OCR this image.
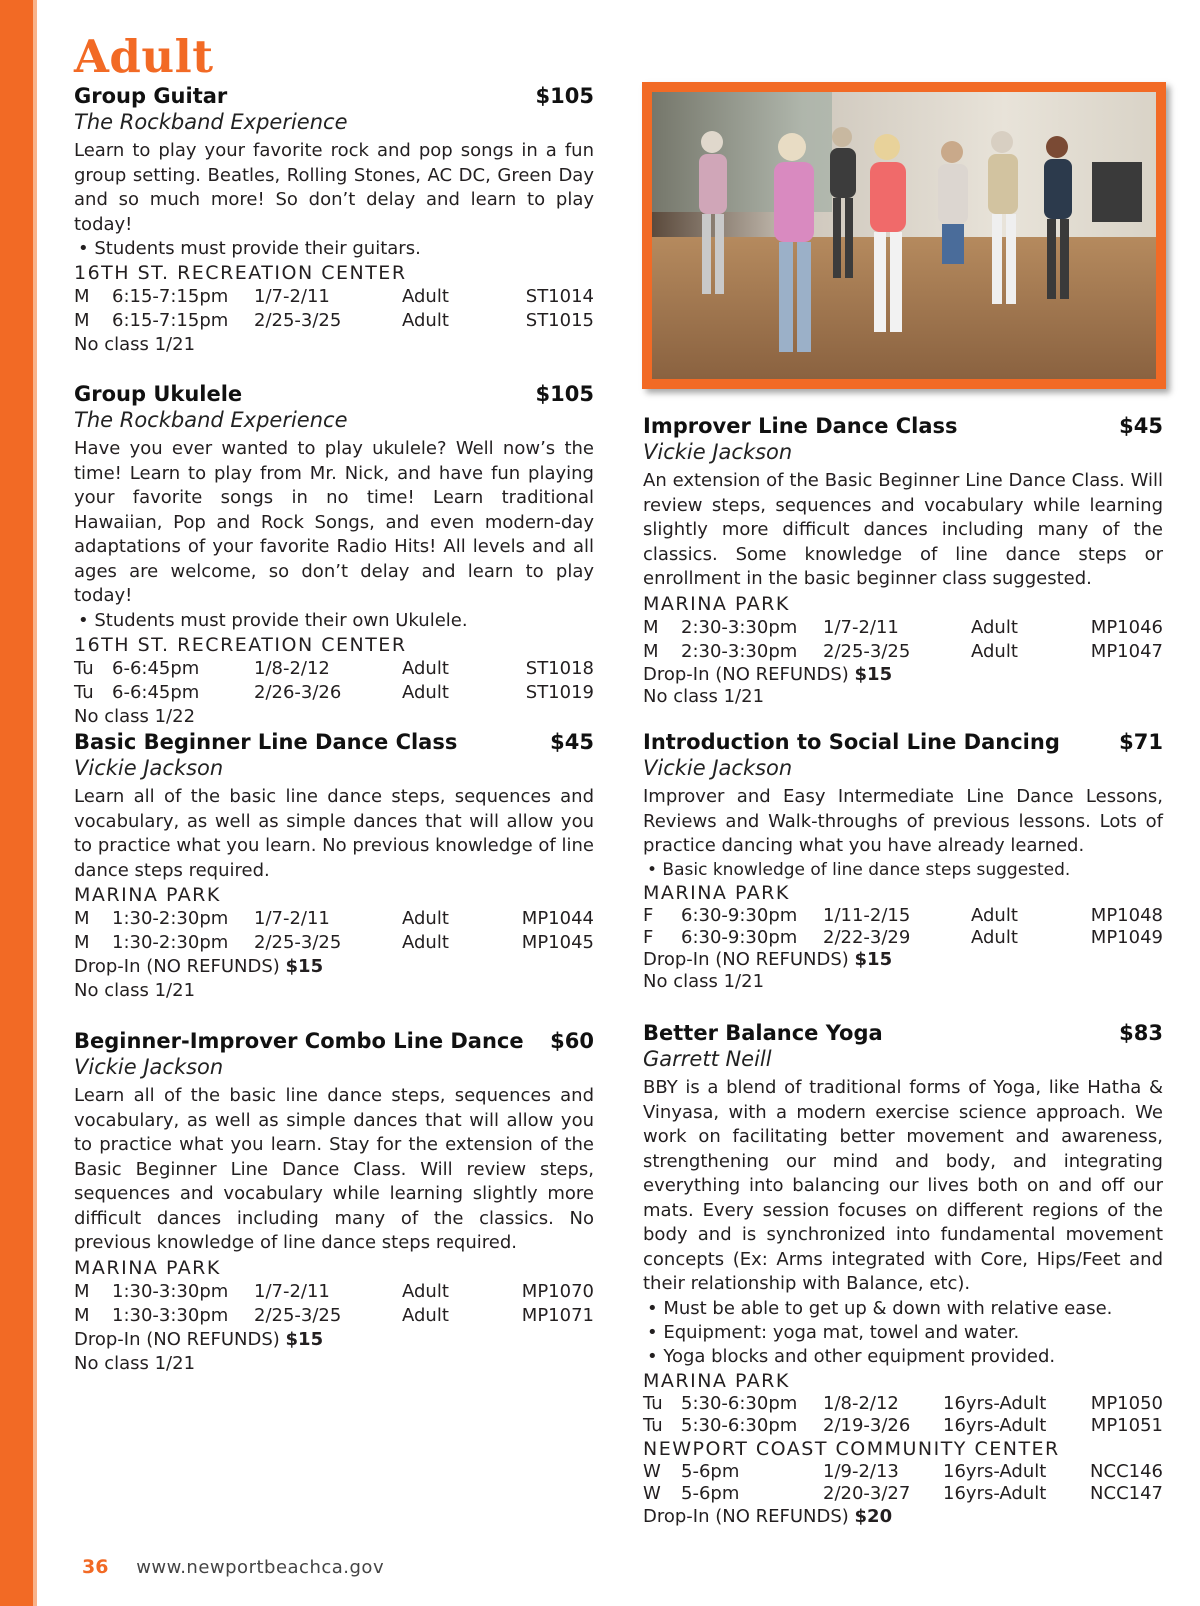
Adult
Group Guitar	$105
The Rockband Experience
Learn to play your favorite rock and pop songs in a fun group setting. Beatles, Rolling Stones, AC DC, Green Day and so much more! So don’t delay and learn to play today!
• Students must provide their guitars.
16TH ST. RECREATION CENTER
M 6:15-7:15pm 1/7-2/11	Adult	ST1014
M 6:15-7:15pm 2/25-3/25	Adult	ST1015
No class 1/21
Group Ukulele	$105
The Rockband Experience
Have you ever wanted to play ukulele? Well now’s the time! Learn to play from Mr. Nick, and have fun playing your favorite songs in no time! Learn traditional Hawaiian, Pop and Rock Songs, and even modern-day adaptations of your favorite Radio Hits! All levels and all ages are welcome, so don’t delay and learn to play today!
• Students must provide their own Ukulele.
16TH ST. RECREATION CENTER
Tu 6-6:45pm	1/8-2/12	Adult	ST1018
Tu 6-6:45pm	2/26-3/26	Adult	ST1019
No class 1/22
Basic Beginner Line Dance Class	$45
Vickie Jackson
Learn all of the basic line dance steps, sequences and vocabulary, as well as simple dances that will allow you to practice what you learn. No previous knowledge of line dance steps required.
MARINA PARK
M 1:30-2:30pm 1/7-2/11	Adult	MP1044
M 1:30-2:30pm 2/25-3/25	Adult	MP1045
Drop-In (NO REFUNDS) $15
No class 1/21
Beginner-Improver Combo Line Dance $60
Vickie Jackson
Learn all of the basic line dance steps, sequences and vocabulary, as well as simple dances that will allow you to practice what you learn. Stay for the extension of the Basic Beginner Line Dance Class. Will review steps, sequences and vocabulary while learning slightly more difficult dances including many of the classics. No previous knowledge of line dance steps required.
MARINA PARK
M 1:30-3:30pm 1/7-2/11	Adult	MP1070
M 1:30-3:30pm 2/25-3/25	Adult	MP1071
Drop-In (NO REFUNDS) $15
No class 1/21
Improver Line Dance Class	$45
Vickie Jackson
An extension of the Basic Beginner Line Dance Class. Will review steps, sequences and vocabulary while learning slightly more difficult dances including many of the classics. Some knowledge of line dance steps or enrollment in the basic beginner class suggested.
MARINA PARK
M 2:30-3:30pm 1/7-2/11	Adult	MP1046
M 2:30-3:30pm 2/25-3/25	Adult	MP1047
Drop-In (NO REFUNDS) $15
No class 1/21
Introduction to Social Line Dancing	$71
Vickie Jackson
Improver and Easy Intermediate Line Dance Lessons, Reviews and Walk-throughs of previous lessons. Lots of practice dancing what you have already learned.
• Basic knowledge of line dance steps suggested.
MARINA PARK
F 6:30-9:30pm 1/11-2/15	Adult	MP1048
F 6:30-9:30pm 2/22-3/29	Adult	MP1049
Drop-In (NO REFUNDS) $15
No class 1/21
Better Balance Yoga	$83
Garrett Neill
BBY is a blend of traditional forms of Yoga, like Hatha & Vinyasa, with a modern exercise science approach. We work on facilitating better movement and awareness, strengthening our mind and body, and integrating everything into balancing our lives both on and off our mats. Every session focuses on different regions of the body and is synchronized into fundamental movement concepts (Ex: Arms integrated with Core, Hips/Feet and their relationship with Balance, etc).
• Must be able to get up & down with relative ease.
• Equipment: yoga mat, towel and water.
• Yoga blocks and other equipment provided.
MARINA PARK
Tu 5:30-6:30pm 1/8-2/12 16yrs-Adult MP1050
Tu 5:30-6:30pm 2/19-3/26 16yrs-Adult MP1051
NEWPORT COAST COMMUNITY CENTER
W 5-6pm	1/9-2/13 16yrs-Adult NCC146
W 5-6pm	2/20-3/27 16yrs-Adult NCC147
Drop-In (NO REFUNDS) $20
36 www.newportbeachca.gov
